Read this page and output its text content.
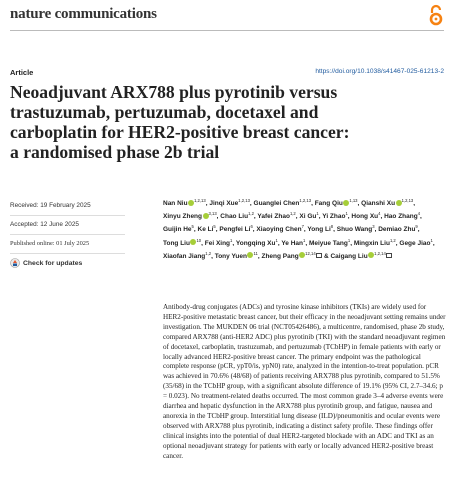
nature communications
Article	https://doi.org/10.1038/s41467-025-61213-2
Neoadjuvant ARX788 plus pyrotinib versus
trastuzumab, pertuzumab, docetaxel and
carboplatin for HER2-positive breast cancer:
a randomised phase 2b trial
Received: 19 February 2025
Accepted: 12 June 2025
Published online: 01 July 2025
Check for updates
Nan Niu $^{1,2,13}$, Jinqi Xue$^{1,2,13}$, Guanglei Chen$^{1,2,13}$, Fang Qiu $^{1,13}$, Qianshi Xu $^{1,2,13}$, Xinyu Zheng $^{3,13}$, Chao Liu$^{1,2}$, Yafei Zhao$^{1,2}$, Xi Gu$^1$, Yi Zhao$^1$, Hong Xu$^4$, Hao Zhang$^4$, Guijin He$^5$, Ke Li$^5$, Pengfei Li$^6$, Xiaoying Chen$^7$, Yong Li$^8$, Shuo Wang$^3$, Demiao Zhu$^9$, Tong Liu $^{10}$, Fei Xing$^1$, Yongqing Xu$^1$, Ye Han$^1$, Meiyue Tang$^1$, Mingxin Liu$^{1,2}$, Gege Jiao$^1$, Xiaofan Jiang$^{1,2}$, Tony Yuen $^{11}$, Zheng Pang $^{12,14}$ & Caigang Liu $^{1,2,14}$
Antibody-drug conjugates (ADCs) and tyrosine kinase inhibitors (TKIs) are widely used for HER2-positive metastatic breast cancer, but their efficacy in the neoadjuvant setting remains under investigation. The MUKDEN 06 trial (NCT05426486), a multicentre, randomised, phase 2b study, compared ARX788 (anti-HER2 ADC) plus pyrotinib (TKI) with the standard neoadjuvant regimen of docetaxel, carboplatin, trastuzumab, and pertuzumab (TCbHP) in female patients with early or locally advanced HER2-positive breast cancer. The primary endpoint was the pathological complete response (pCR, ypT0/is, ypN0) rate, analyzed in the intention-to-treat population. pCR was achieved in 70.6% (48/68) of patients receiving ARX788 plus pyrotinib, compared to 51.5% (35/68) in the TCbHP group, with a significant absolute difference of 19.1% (95% CI, 2.7–34.6; p = 0.023). No treatment-related deaths occurred. The most common grade 3–4 adverse events were diarrhea and hepatic dysfunction in the ARX788 plus pyrotinib group, and fatigue, nausea and anorexia in the TCbHP group. Interstitial lung disease (ILD)/pneumonitis and ocular events were observed with ARX788 plus pyrotinib, indicating a distinct safety profile. These findings offer clinical insights into the potential of dual HER2-targeted blockade with an ADC and TKI as an optional neoadjuvant strategy for patients with early or locally advanced HER2-positive breast cancer.
